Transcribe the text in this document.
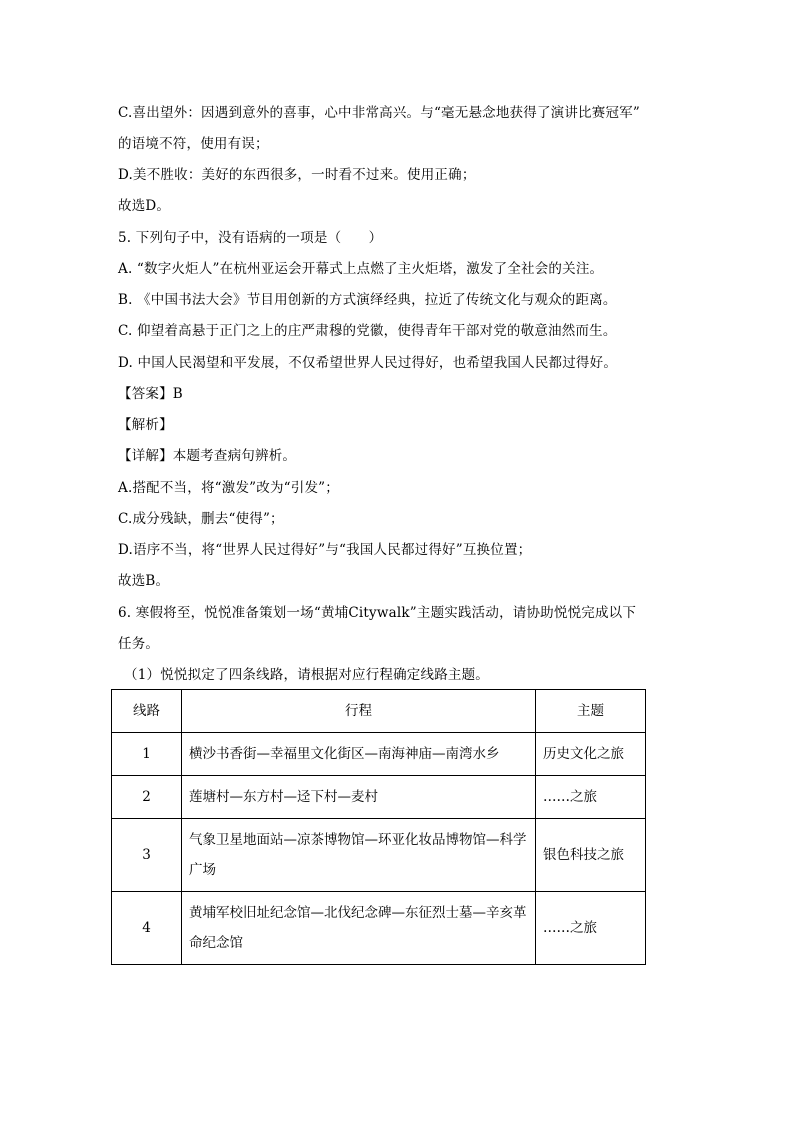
C.喜出望外：因遇到意外的喜事，心中非常高兴。与“毫无悬念地获得了演讲比赛冠军”
的语境不符，使用有误；
D.美不胜收：美好的东西很多，一时看不过来。使用正确；
故选D。
5. 下列句子中，没有语病的一项是（　　）
A. “数字火炬人”在杭州亚运会开幕式上点燃了主火炬塔，激发了全社会的关注。
B. 《中国书法大会》节目用创新的方式演绎经典，拉近了传统文化与观众的距离。
C. 仰望着高悬于正门之上的庄严肃穆的党徽，使得青年干部对党的敬意油然而生。
D. 中国人民渴望和平发展，不仅希望世界人民过得好，也希望我国人民都过得好。
【答案】B
【解析】
【详解】本题考查病句辨析。
A.搭配不当，将“激发”改为“引发”；
C.成分残缺，删去“使得”；
D.语序不当，将“世界人民过得好”与“我国人民都过得好”互换位置；
故选B。
6. 寒假将至，悦悦准备策划一场“黄埔Citywalk”主题实践活动，请协助悦悦完成以下
任务。
（1）悦悦拟定了四条线路，请根据对应行程确定线路主题。
线路	行程	主题
1	横沙书香街—幸福里文化街区—南海神庙—南湾水乡	历史文化之旅
2	莲塘村—东方村—迳下村—麦村	……之旅
3	气象卫星地面站—凉茶博物馆—环亚化妆品博物馆—科学广场	银色科技之旅
4	黄埔军校旧址纪念馆—北伐纪念碑—东征烈士墓—辛亥革命纪念馆	……之旅
